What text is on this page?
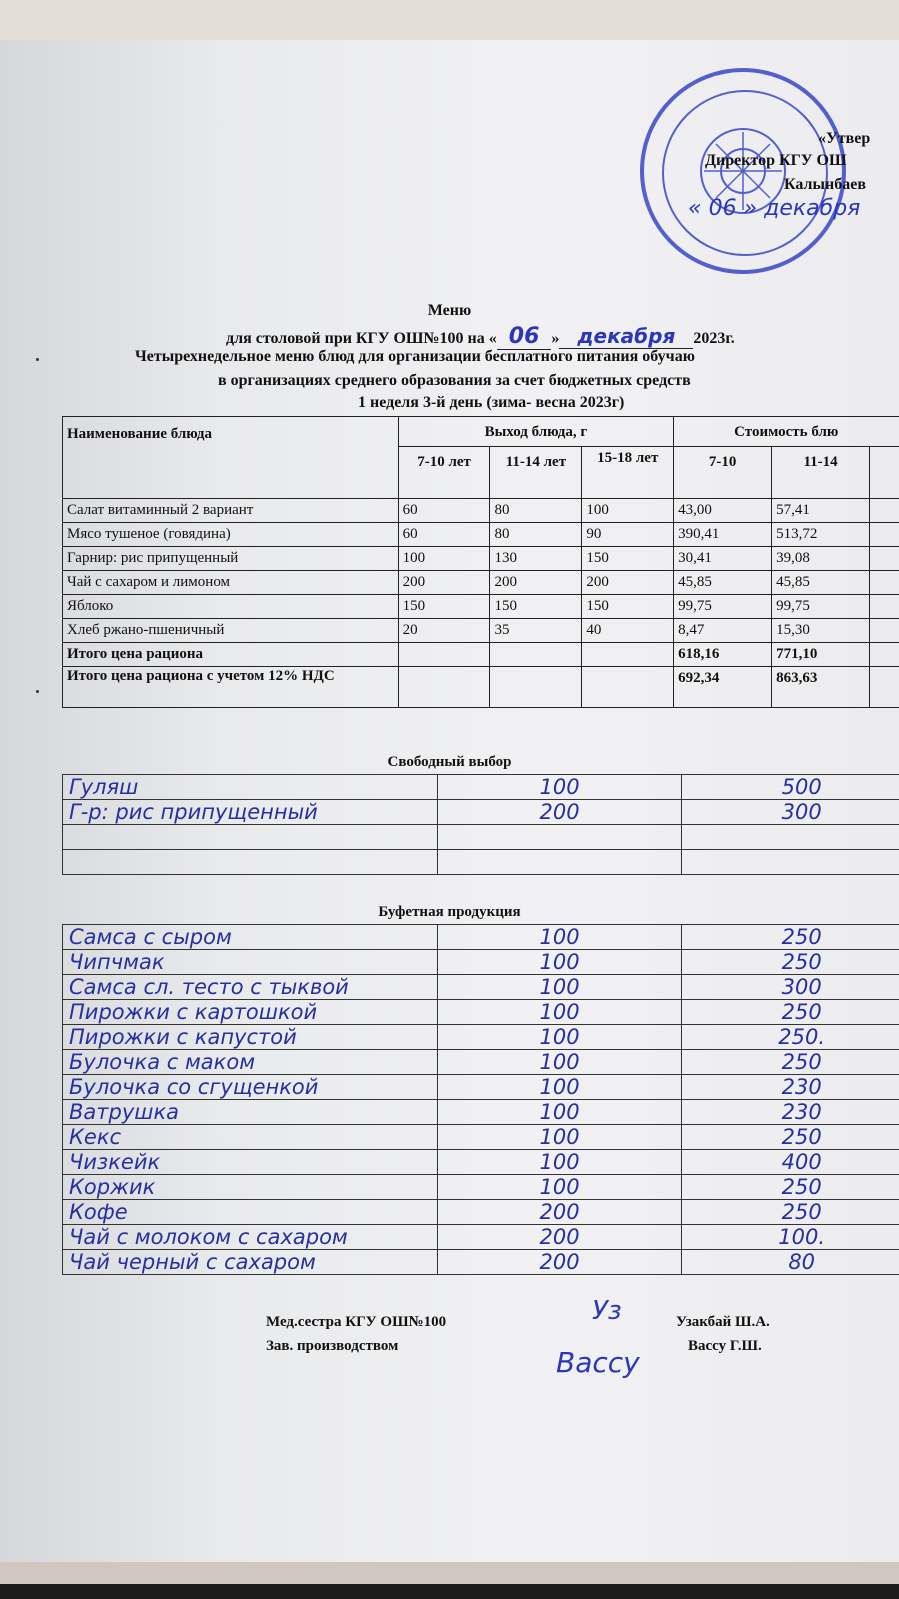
«Утвер
Директор КГУ ОШ
Калынбаев
« 06 » декабря
Меню
для столовой при КГУ ОШ№100 на « 06 » декабря 2023г.
Четырехнедельное меню блюд для организации бесплатного питания обучаю
в организациях среднего образования за счет бюджетных средств
1 неделя 3-й день (зима- весна 2023г)
Наименование блюда	Выход блюда, г			Стоимость блю		
	7-10 лет	11-14 лет	15-18 лет	7-10	11-14	
Салат витаминный 2 вариант	60	80	100	43,00	57,41	
Мясо тушеное (говядина)	60	80	90	390,41	513,72	
Гарнир: рис припущенный	100	130	150	30,41	39,08	
Чай с сахаром и лимоном	200	200	200	45,85	45,85	
Яблоко	150	150	150	99,75	99,75	
Хлеб ржано-пшеничный	20	35	40	8,47	15,30	
Итого цена рациона				618,16	771,10	
Итого цена рациона с учетом 12% НДС				692,34	863,63	
Свободный выбор
Гуляш	100	500
Г-р: рис припущенный	200	300

Буфетная продукция
Самса с сыром	100	250
Чипчмак	100	250
Самса сл. тесто с тыквой	100	300
Пирожки с картошкой	100	250
Пирожки с капустой	100	250.
Булочка с маком	100	250
Булочка со сгущенкой	100	230
Ватрушка	100	230
Кекс	100	250
Чизкейк	100	400
Коржик	100	250
Кофе	200	250
Чай с молоком с сахаром	200	100.
Чай черный с сахаром	200	80
Мед.сестра КГУ ОШ№100	Уз	Узакбай Ш.А.
Зав. производством	Вассу	Вассу Г.Ш.
